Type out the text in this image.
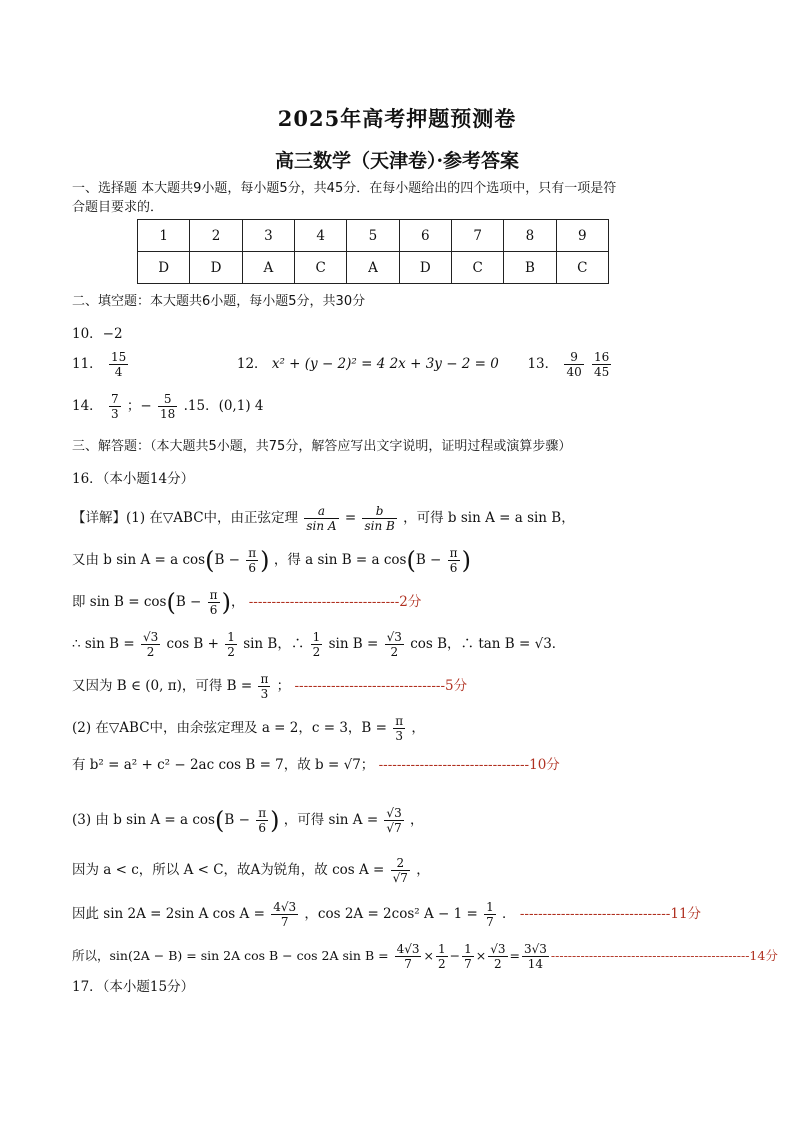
2025年高考押题预测卷
高三数学（天津卷）·参考答案
一、选择题 本大题共9小题，每小题5分，共45分．在每小题给出的四个选项中，只有一项是符
合题目要求的．
1	2	3	4	5	6	7	8	9
D	D	A	C	A	D	C	B	C
二、填空题：本大题共6小题，每小题5分，共30分
10．−2
11． $\frac{15}{4}$	12． x² + (y − 2)² = 4 2x + 3y − 2 = 0 13． $\frac{9}{40}$
$\frac{16}{45}$
14． $\frac{7}{3}$ ；− $\frac{5}{18} .15$．(0,1) 4
三、解答题：（本大题共5小题，共75分，解答应写出文字说明，证明过程或演算步骤）
16．（本小题14分）
【详解】(1) 在▽ABC中，由正弦定理 $\frac{a}{\text{sin A}} = \frac{b}{\text{sin B}}$ ，可得 b sin A = a sin B，
又由 b sin A = a $\cos(B - \frac{\pi}{6}$ ) ，得 a sin B = a $\cos(B - \frac{\pi}{6}$ )
即 $\sin B = \cos(B - \frac{\pi}{6}$ )， ---------------------------------2分
∴ $\sin B = \frac{√3}{2}$ $\cos B + \frac{1}{2}$ sin B，∴ $\frac{1}{2}$ $\sin B = \frac{√3}{2}$ cos B，∴ tan B = √3．
又因为 B ∈ (0, π)，可得 $B = \frac{\pi}{3}$ ； ---------------------------------5分
(2) 在▽ABC中，由余弦定理及 a = 2，c = 3，$B = \frac{\pi}{3}$ ，
有 b² = a² + c² − 2ac cos B = 7，故 b = √7； ---------------------------------10分
(3) 由 b sin A = a $\cos(B - \frac{\pi}{6}$ ) ，可得 $\sin A = \frac{√3}{√7}$ ，
因为 a < c，所以 A < C，故A为锐角，故 $\cos A = \frac{2}{√7}$ ，
因此 sin 2A = 2sin A $\cos A = \frac{4√3}{7}$ ，cos 2A = 2cos² $A - 1 = \frac{1}{7}$ ． ---------------------------------11分
所以，sin(2A − B) = sin 2A cos B − cos 2A $\sin B = \frac{4√3}{7} \times \frac{1}{2} - \frac{1}{7} \times \frac{√3}{2} = \frac{3√3}{14} -----------------------------------------------14$分
17．（本小题15分）
